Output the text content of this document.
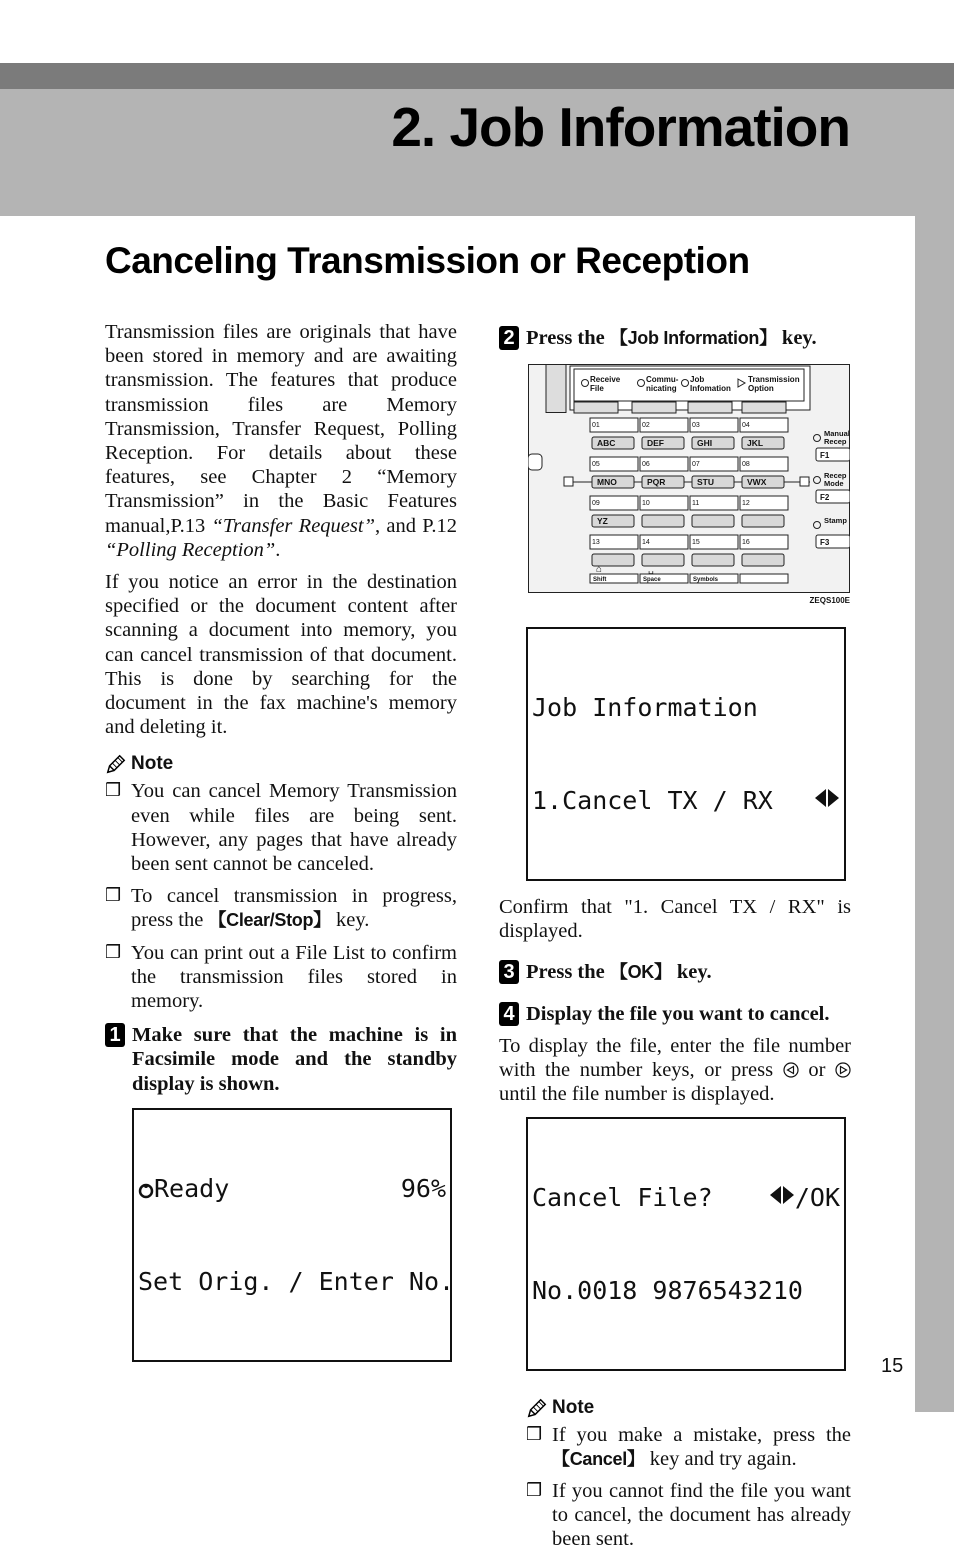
2. Job Information
Canceling Transmission or Reception

Transmission files are originals that have been stored in memory and are awaiting transmission. The features that produce transmission files are Memory Transmission, Transfer Request, Polling Reception. For details about these features, see Chapter 2 “Memory Transmission” in the Basic Features manual,P.13 “Transfer Request”, and P.12 “Polling Reception”.

If you notice an error in the destination specified or the document content after scanning a document into memory, you can cancel transmission of that document. This is done by searching for the document in the fax machine's memory and deleting it.

Note
❒ You can cancel Memory Transmission even while files are being sent. However, any pages that have already been sent cannot be canceled.
❒ To cancel transmission in progress, press the 【Clear/Stop】 key.
❒ You can print out a File List to confirm the transmission files stored in memory.
1 Make sure that the machine is in Facsimile mode and the standby display is shown.

Ready	96%

Set Orig. / Enter No.

2 Press the 【Job Information】 key.
Receive
File
Commu-
nicating
Job
Infomation
Transmission
Option
01
ABC
02
DEF
03
GHI
04
JKL
05
MNO
06
PQR
07
STU
08
VWX
09
YZ
10	11	12
13	14	15	16
Shift	Space	Symbols
⌂	␣
Manual
Recep
F1
Recep
Mode
F2
Stamp
F3
ZEQS100E

Job Information

1.Cancel TX / RX

Confirm that "1. Cancel TX / RX" is displayed.

3 Press the 【OK】 key.
4 Display the file you want to cancel.

To display the file, enter the file number with the number keys, or press  or  until the file number is displayed.

Cancel File?	/OK

No.0018 9876543210

Note
❒ If you make a mistake, press the 【Cancel】 key and try again.
❒ If you cannot find the file you want to cancel, the document has already been sent.
15
